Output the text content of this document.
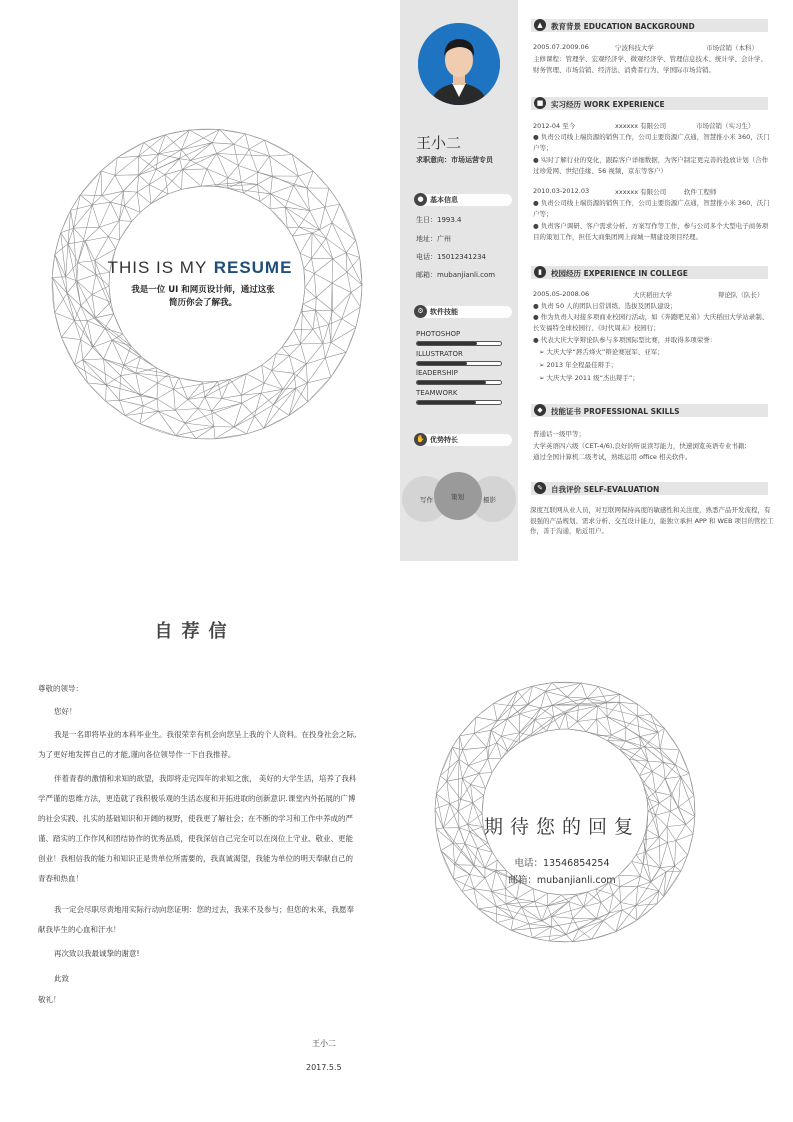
THIS IS MY RESUME
我是一位 UI 和网页设计师，通过这张
简历你会了解我。
王小二
求职意向：市场运营专员
● 基本信息
生日：1993.4
地址：广州
电话：15012341234
邮箱：mubanjianli.com
⚙ 软件技能
PHOTOSHOP
ILLUSTRATOR
lEADERSHIP
TEAMWORK
✋ 优势特长
写作	策划	摄影
▲	教育背景 EDUCATION BACKGROUND
2005.07.2009.06	宁波科技大学	市场营销（本科）
主修课程：管理学、宏观经济学、微观经济学、管理信息技术、统计学、会计学、财务管理、市场营销、经济法、消费者行为、学国际市场营销。
■	实习经历 WORK EXPERIENCE
2012-04 至今	xxxxxx 有限公司	市场营销（实习生）
● 负责公司线上端资源的销售工作，公司主要资源广点通，智慧推小米 360，沃门户等；
● 实时了解行业的变化，跟踪客户详细数据，为客户制定更完善的投放计划（合作过珍爱网、世纪佳缘、56 视频，京东等客户）
2010.03-2012.03	xxxxxx 有限公司	软件工程师
● 负责公司线上端资源的销售工作，公司主要资源广点通，智慧推小米 360，沃门户等；
● 负责客户调研、客户需求分析、方案写作等工作，参与公司多个大型电子商务项目的策划工作，担任大商集团网上商城一期建设项目经理。
▮	校园经历 EXPERIENCE IN COLLEGE
2005.05-2008.06	大庆稻田大学	辩论队（队长）
● 负责 50 人的团队日常训练，选拔及团队建设；
● 作为负责人对接多项商业校园行活动，如《奔跑吧兄弟》大庆稻田大学站录制、长安福特全球校园行、《时代周末》校园行；
● 代表大庆大学辩论队参与多项国际型比赛，并取得多项荣誉：
➢ 大庆大学“唇舌烽火”辩论赛冠军、亚军；
➢ 2013 年全程最佳辩手；
➢ 大庆大学 2011 级“杰出辩手”；
◆	技能证书 PROFESSIONAL SKILLS
普通话一级甲等；
大学英语四六级（CET-4/6),良好的听说读写能力，快速浏览英语专业书籍;
通过全国计算机二级考试，熟练运用 office 相关软件。
✎	自我评价 SELF-EVALUATION
深度互联网从业人员，对互联网保持高度的敏感性和关注度，熟悉产品开发流程，有很强的产品规划、需求分析、交互设计能力，能独立承担 APP 和 WEB 项目的管控工作，善于沟通，贴近用户。
自荐信

尊敬的领导：

您好！

我是一名即将毕业的本科毕业生。我很荣幸有机会向您呈上我的个人资料。在投身社会之际,为了更好地发挥自己的才能,谨向各位领导作一下自我推荐。

伴着青春的激情和求知的欲望，我即将走完四年的求知之旅， 美好的大学生活，培养了我科学严谨的思维方法，更造就了我积极乐观的生活态度和开拓进取的创新意识.课堂内外拓展的广博的社会实践、扎实的基础知识和开阔的视野，使我更了解社会；在不断的学习和工作中养成的严谨、踏实的工作作风和团结协作的优秀品质，使我深信自己完全可以在岗位上守业、敬业、更能创业！我相信我的能力和知识正是贵单位所需要的，我真诚渴望，我能为单位的明天奉献自己的青春和热血！

我一定会尽职尽责地用实际行动向您证明：您的过去，我来不及参与；但您的未来，我愿奉献我毕生的心血和汗水！

再次致以我最诚挚的谢意!

此致

敬礼！

王小二
2017.5.5
期待您的回复
电话：13546854254
邮箱：mubanjianli.com
